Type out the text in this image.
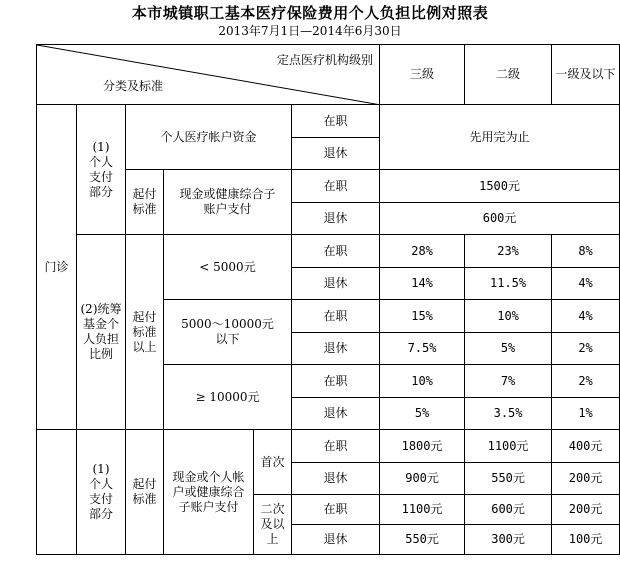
本市城镇职工基本医疗保险费用个人负担比例对照表
2013年7月1日—2014年6月30日
定点医疗机构级别
分类及标准						三级	二级	一级及以下
门诊	(1)个人支付部分	个人医疗帐户资金			在职	先用完为止		
					退休			
		起付标准	现金或健康综合子账户支付		在职	1500元		
					退休	600元		
	(2)统筹基金个人负担比例	起付标准以上	< 5000元		在职	28%	23%	8%
					退休	14%	11.5%	4%
			5000～10000元以下		在职	15%	10%	4%
					退休	7.5%	5%	2%
			≥ 10000元		在职	10%	7%	2%
					退休	5%	3.5%	1%
	(1)个人支付部分	起付标准	现金或个人帐户或健康综合子账户支付	首次	在职	1800元	1100元	400元
					退休	900元	550元	200元
				二次及以上	在职	1100元	600元	200元
					退休	550元	300元	100元
